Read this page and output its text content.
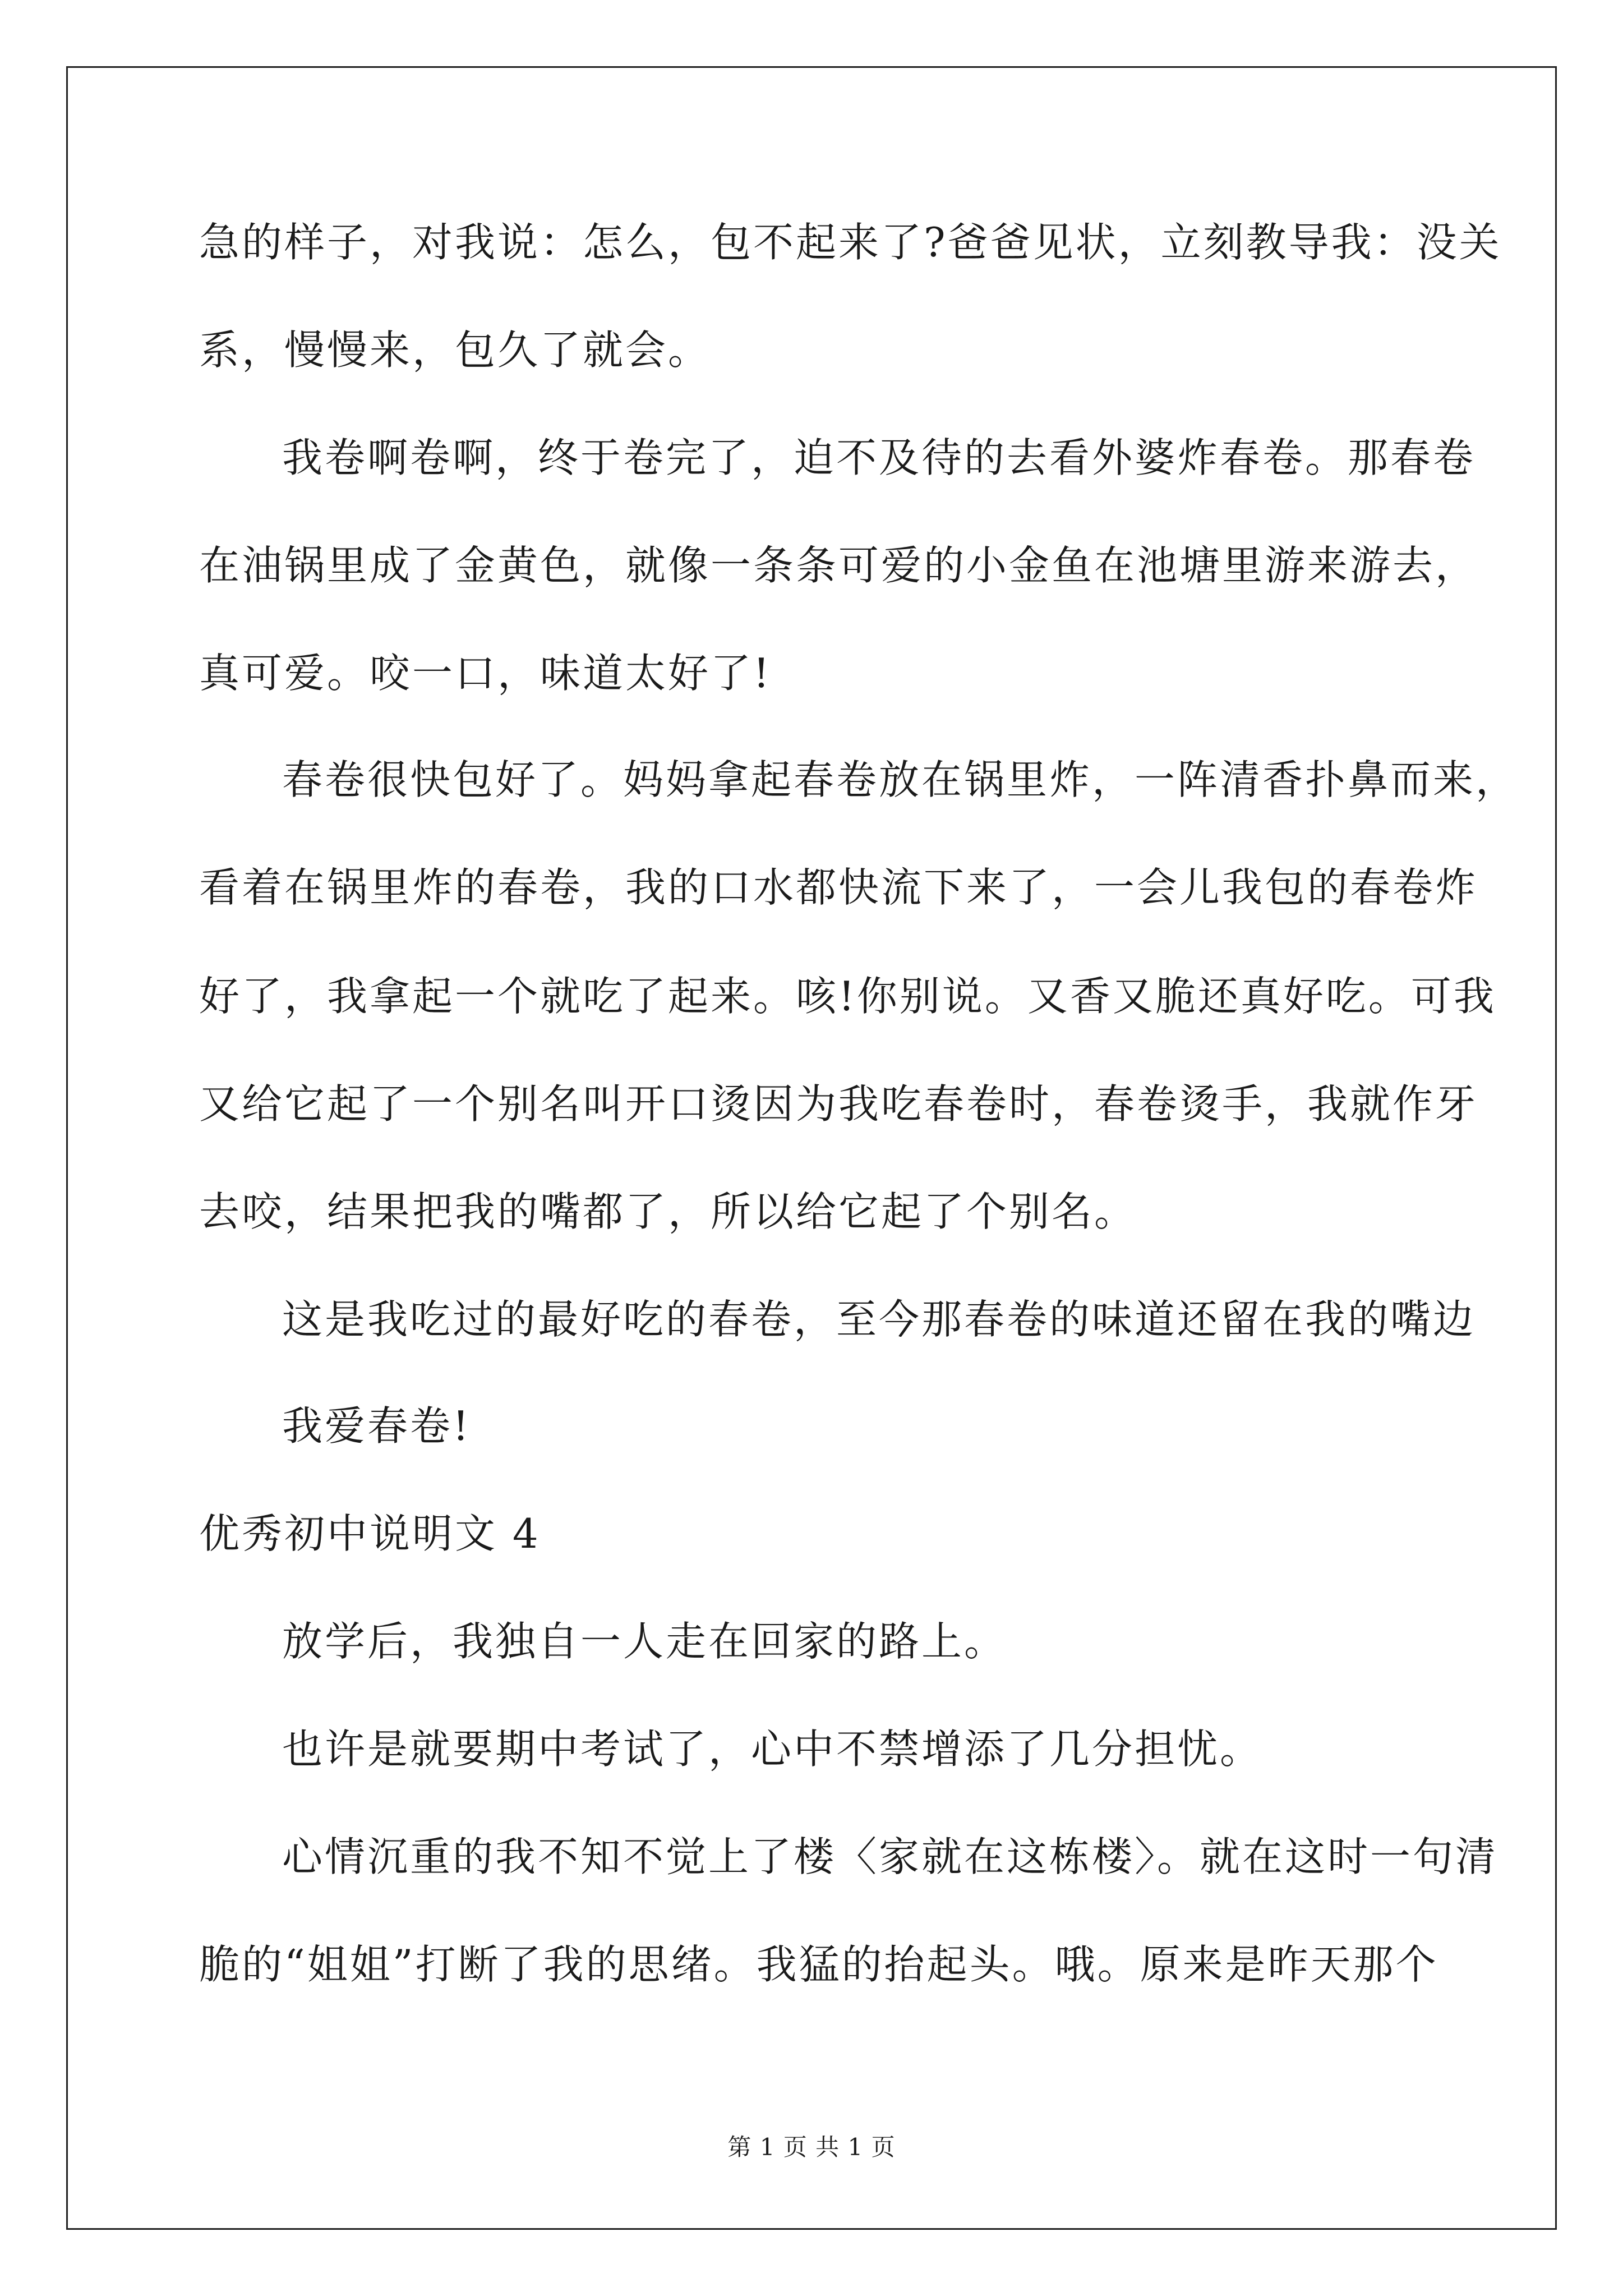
急的样子，对我说：怎么，包不起来了?爸爸见状，立刻教导我：没关
系，慢慢来，包久了就会。
我卷啊卷啊，终于卷完了，迫不及待的去看外婆炸春卷。那春卷
在油锅里成了金黄色，就像一条条可爱的小金鱼在池塘里游来游去，
真可爱。咬一口，味道太好了!
春卷很快包好了。妈妈拿起春卷放在锅里炸，一阵清香扑鼻而来，
看着在锅里炸的春卷，我的口水都快流下来了，一会儿我包的春卷炸
好了，我拿起一个就吃了起来。咳!你别说。又香又脆还真好吃。可我
又给它起了一个别名叫开口烫因为我吃春卷时，春卷烫手，我就作牙
去咬，结果把我的嘴都了，所以给它起了个别名。
这是我吃过的最好吃的春卷，至今那春卷的味道还留在我的嘴边
我爱春卷!
优秀初中说明文 4
放学后，我独自一人走在回家的路上。
也许是就要期中考试了，心中不禁增添了几分担忧。
心情沉重的我不知不觉上了楼〈家就在这栋楼〉。就在这时一句清
脆的“姐姐”打断了我的思绪。我猛的抬起头。哦。原来是昨天那个
第 1 页 共 1 页
